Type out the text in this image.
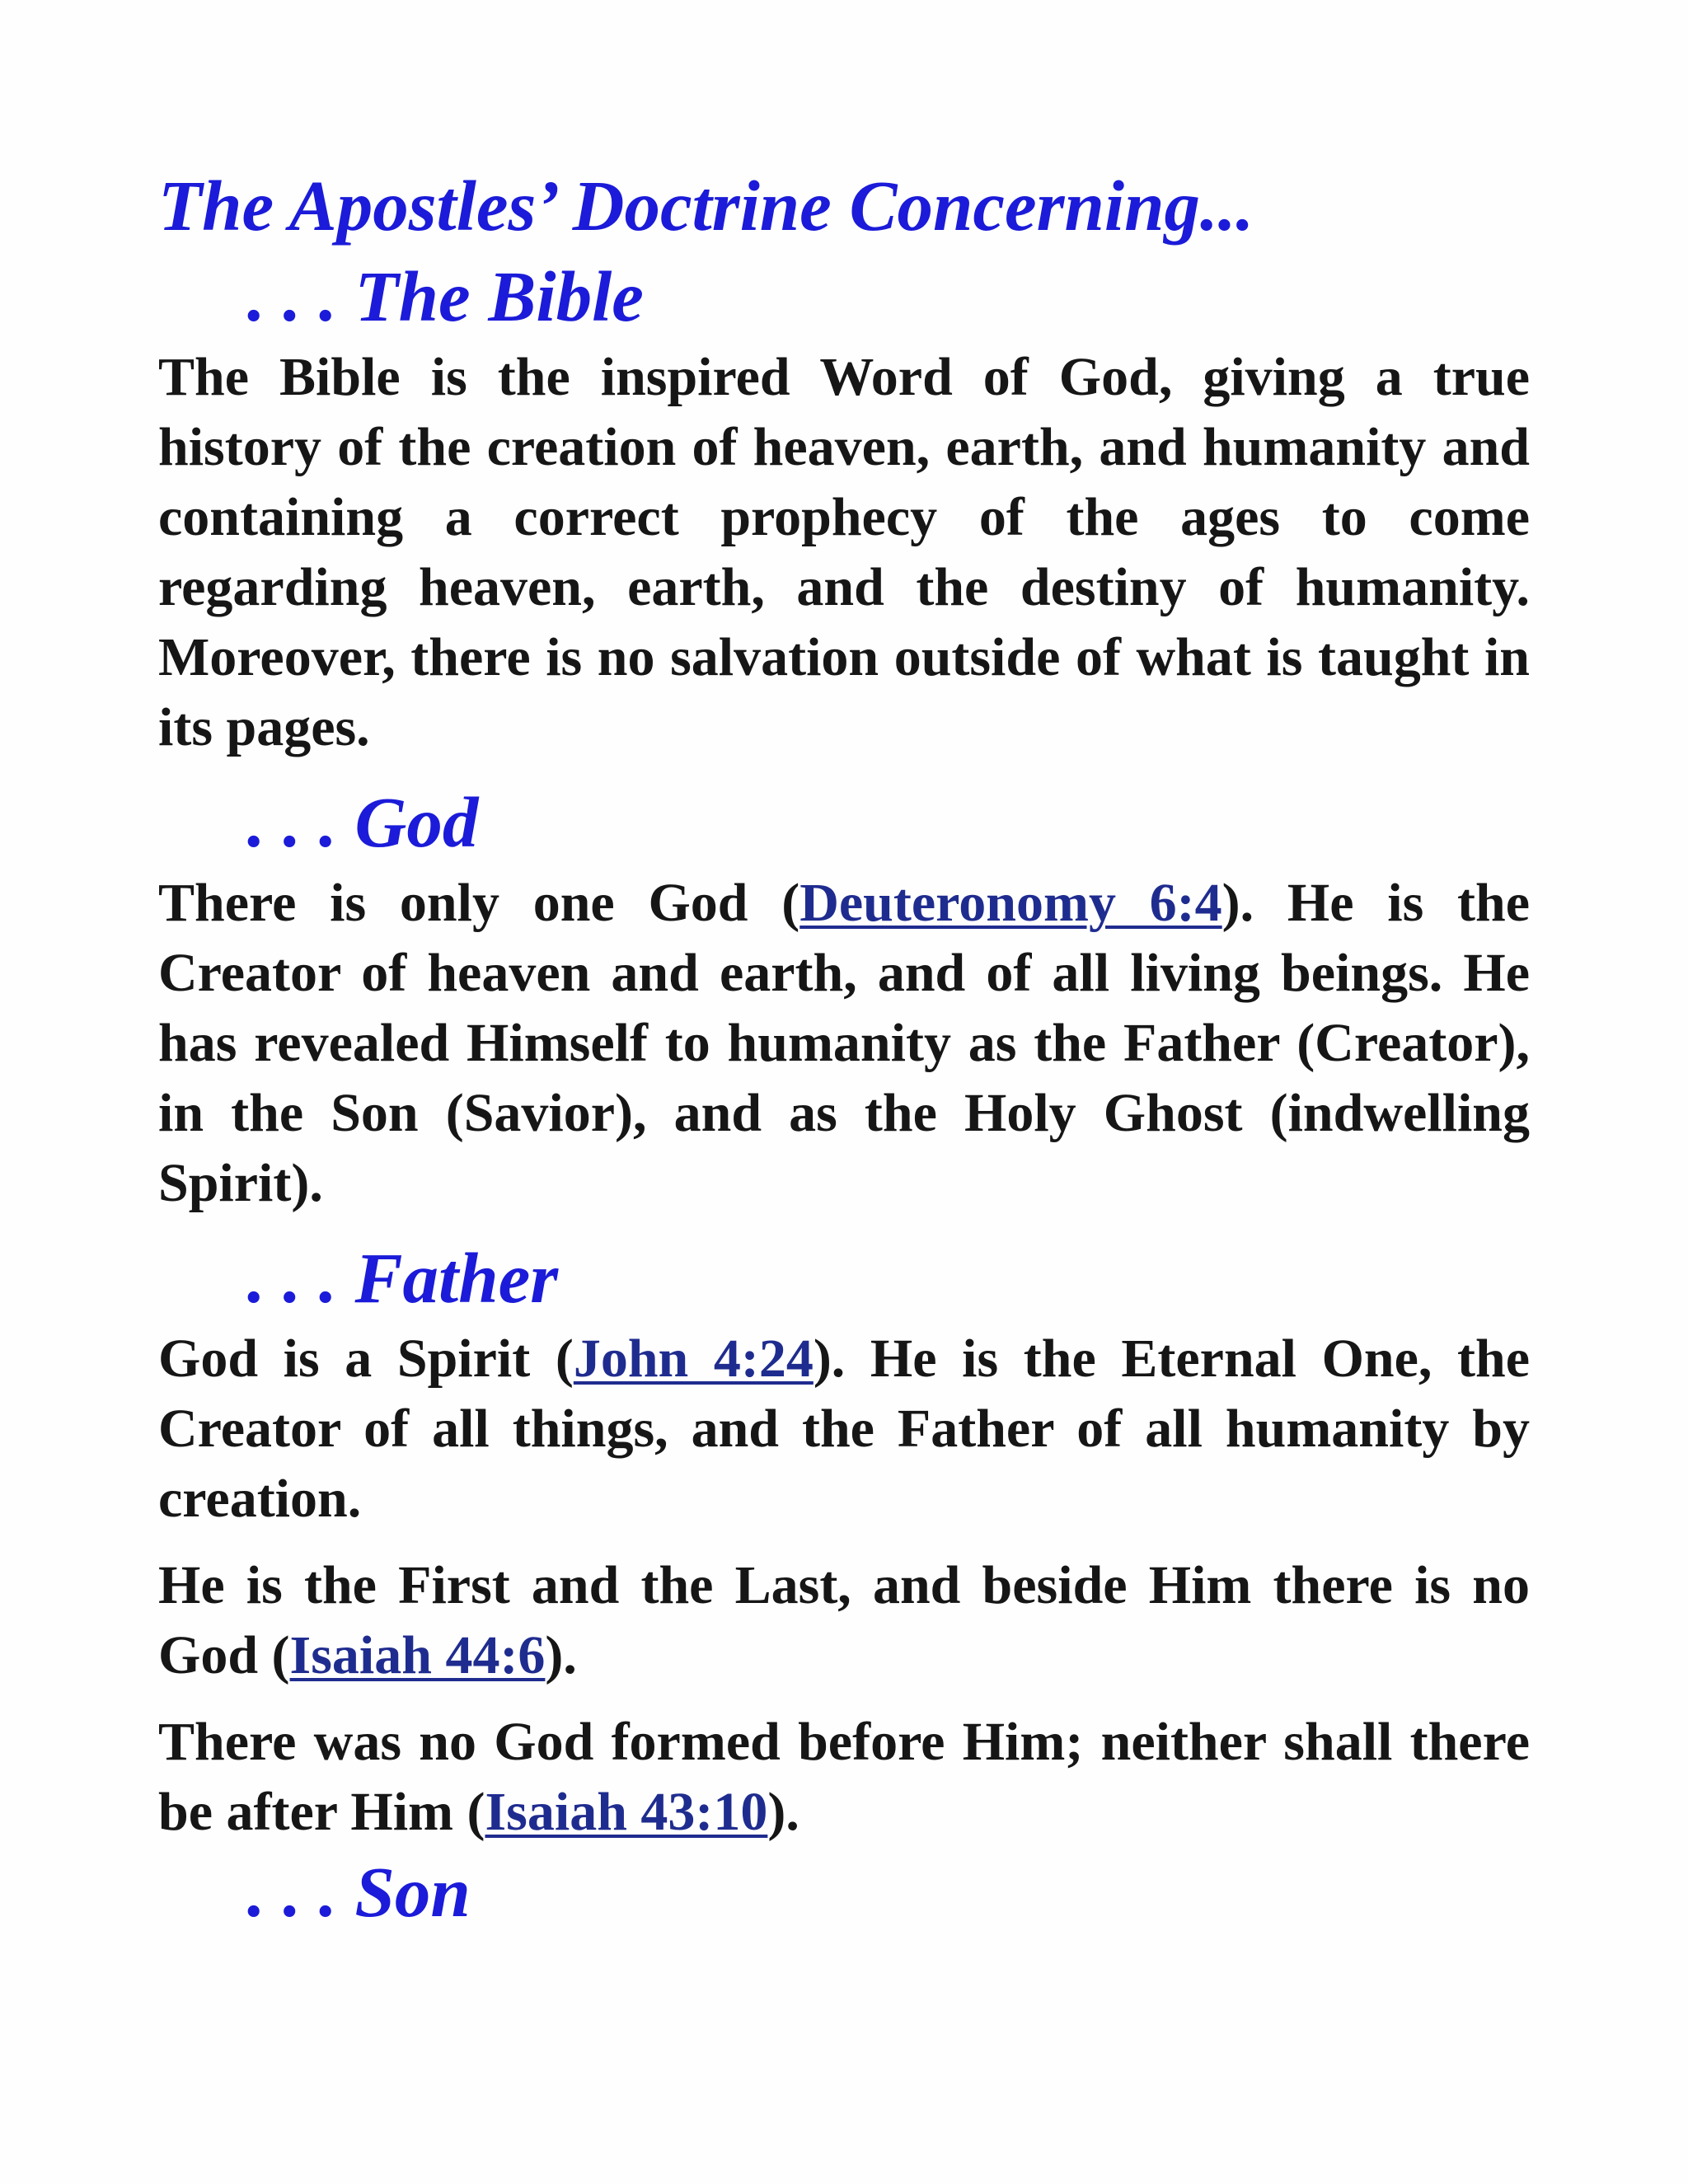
The Apostles’ Doctrine Concerning...
. . . The Bible

The Bible is the inspired Word of God, giving a true history of the creation of heaven, earth, and humanity and containing a correct prophecy of the ages to come regarding heaven, earth, and the destiny of humanity. Moreover, there is no salvation outside of what is taught in its pages.

. . . God

There is only one God (Deuteronomy 6:4). He is the Creator of heaven and earth, and of all living beings. He has revealed Himself to humanity as the Father (Creator), in the Son (Savior), and as the Holy Ghost (indwelling Spirit).

. . . Father

God is a Spirit (John 4:24). He is the Eternal One, the Creator of all things, and the Father of all humanity by creation.

He is the First and the Last, and beside Him there is no God (Isaiah 44:6).

There was no God formed before Him; neither shall there be after Him (Isaiah 43:10).

. . . Son
